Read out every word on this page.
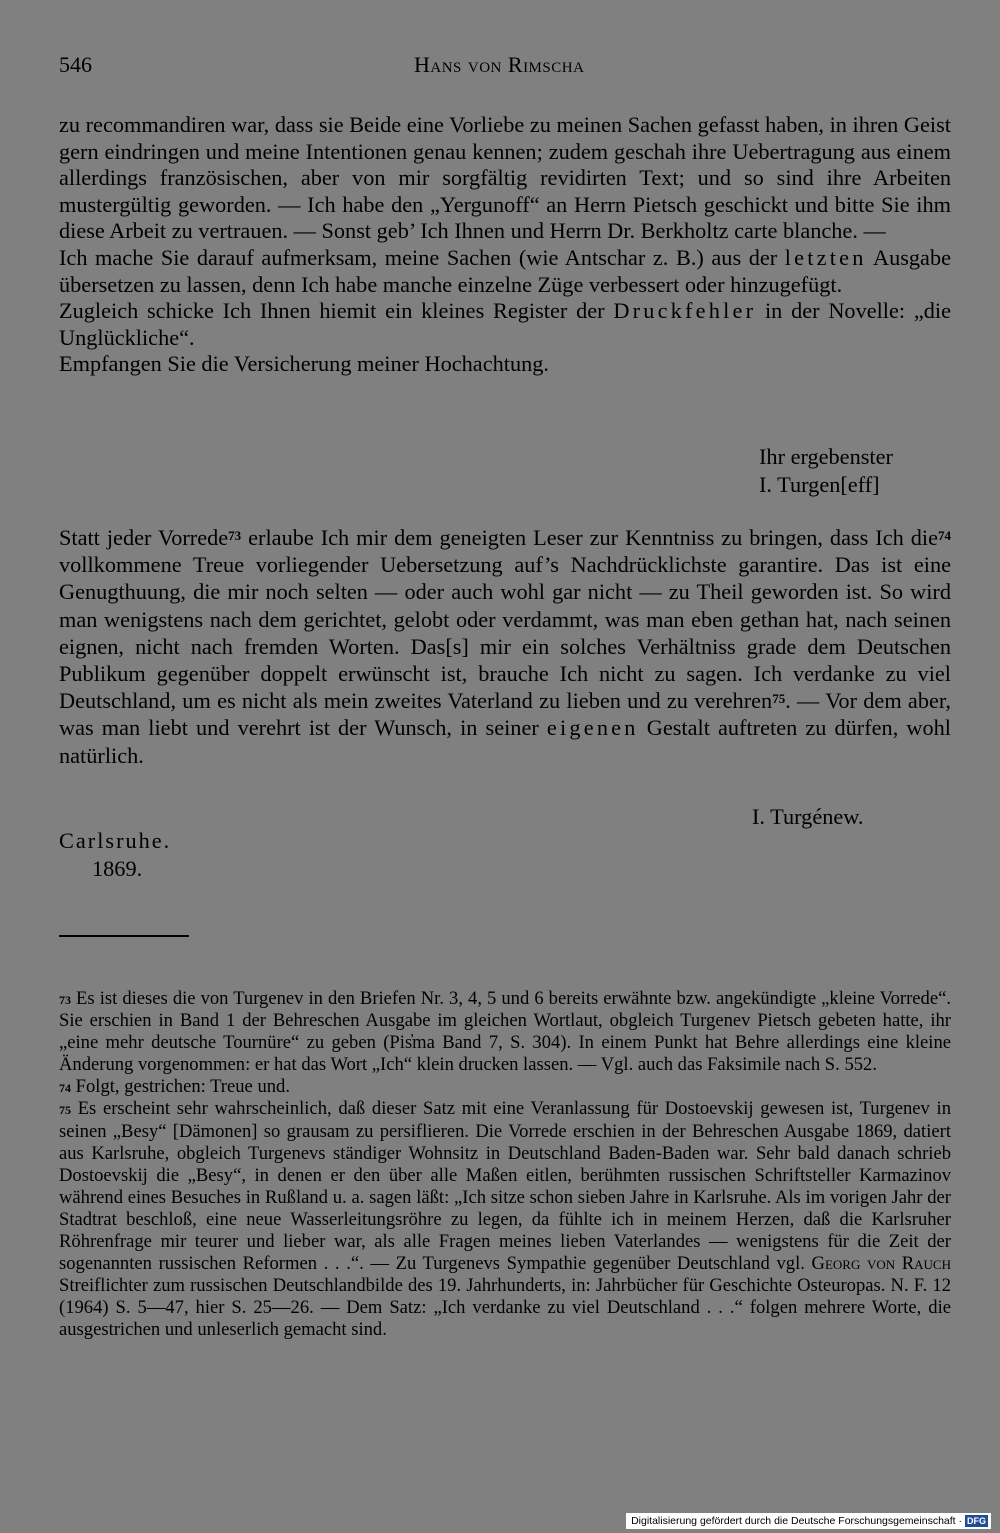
546	Hans von Rimscha

zu recommandiren war, dass sie Beide eine Vorliebe zu meinen Sachen gefasst haben, in ihren Geist gern eindringen und meine Intentionen genau kennen; zudem geschah ihre Uebertragung aus einem allerdings französischen, aber von mir sorgfältig revidirten Text; und so sind ihre Arbeiten mustergültig geworden. — Ich habe den „Yergunoff“ an Herrn Pietsch geschickt und bitte Sie ihm diese Arbeit zu vertrauen. — Sonst geb’ Ich Ihnen und Herrn Dr. Berkholtz carte blanche. —

Ich mache Sie darauf aufmerksam, meine Sachen (wie Antschar z. B.) aus der letzten Ausgabe übersetzen zu lassen, denn Ich habe manche einzelne Züge verbessert oder hinzugefügt.

Zugleich schicke Ich Ihnen hiemit ein kleines Register der Druckfehler in der Novelle: „die Unglückliche“.

Empfangen Sie die Versicherung meiner Hochachtung.

Ihr ergebenster
I. Turgen[eff]

Statt jeder Vorrede$^{73}$ erlaube Ich mir dem geneigten Leser zur Kenntniss zu bringen, dass Ich die$^{74}$ vollkommene Treue vorliegender Uebersetzung auf’s Nachdrücklichste garantire. Das ist eine Genugthuung, die mir noch selten — oder auch wohl gar nicht — zu Theil geworden ist. So wird man wenigstens nach dem gerichtet, gelobt oder verdammt, was man eben gethan hat, nach seinen eignen, nicht nach fremden Worten. Das[s] mir ein solches Verhältniss grade dem Deutschen Publikum gegenüber doppelt erwünscht ist, brauche Ich nicht zu sagen. Ich verdanke zu viel Deutschland, um es nicht als mein zweites Vaterland zu lieben und zu verehren$^{75}$. — Vor dem aber, was man liebt und verehrt ist der Wunsch, in seiner eigenen Gestalt auftreten zu dürfen, wohl natürlich.

I. Turgénew.
Carlsruhe.
1869.

$^{73}$ Es ist dieses die von Turgenev in den Briefen Nr. 3, 4, 5 und 6 bereits erwähnte bzw. angekündigte „kleine Vorrede“. Sie erschien in Band 1 der Behreschen Ausgabe im gleichen Wortlaut, obgleich Turgenev Pietsch gebeten hatte, ihr „eine mehr deutsche Tournüre“ zu geben (Pis̓ma Band 7, S. 304). In einem Punkt hat Behre allerdings eine kleine Änderung vorgenommen: er hat das Wort „Ich“ klein drucken lassen. — Vgl. auch das Faksimile nach S. 552.

$^{74}$ Folgt, gestrichen: Treue und.

$^{75}$ Es erscheint sehr wahrscheinlich, daß dieser Satz mit eine Veranlassung für Dostoevskij gewesen ist, Turgenev in seinen „Besy“ [Dämonen] so grausam zu persiflieren. Die Vorrede erschien in der Behreschen Ausgabe 1869, datiert aus Karlsruhe, obgleich Turgenevs ständiger Wohnsitz in Deutschland Baden-Baden war. Sehr bald danach schrieb Dostoevskij die „Besy“, in denen er den über alle Maßen eitlen, berühmten russischen Schriftsteller Karmazinov während eines Besuches in Rußland u. a. sagen läßt: „Ich sitze schon sieben Jahre in Karlsruhe. Als im vorigen Jahr der Stadtrat beschloß, eine neue Wasserleitungsröhre zu legen, da fühlte ich in meinem Herzen, daß die Karlsruher Röhrenfrage mir teurer und lieber war, als alle Fragen meines lieben Vaterlandes — wenigstens für die Zeit der sogenannten russischen Reformen . . .“. — Zu Turgenevs Sympathie gegenüber Deutschland vgl. Georg von Rauch Streiflichter zum russischen Deutschlandbilde des 19. Jahrhunderts, in: Jahrbücher für Geschichte Osteuropas. N. F. 12 (1964) S. 5—47, hier S. 25—26. — Dem Satz: „Ich verdanke zu viel Deutschland . . .“ folgen mehrere Worte, die ausgestrichen und unleserlich gemacht sind.

Digitalisierung gefördert durch die Deutsche Forschungsgemeinschaft · DFG
